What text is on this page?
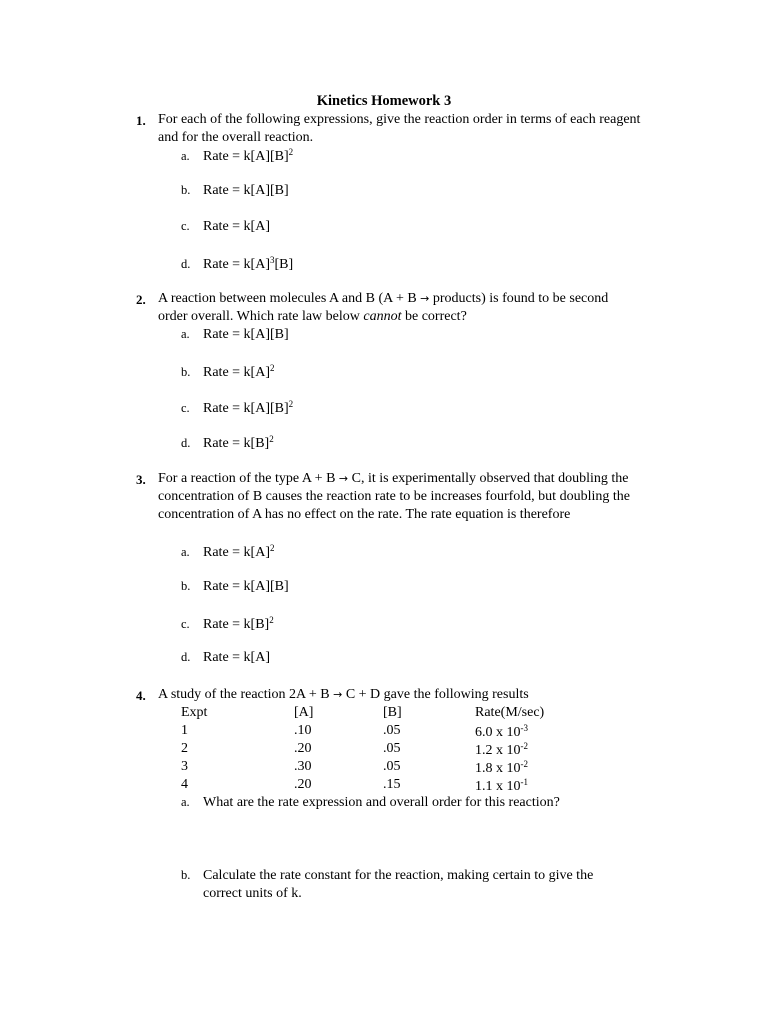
Kinetics Homework 3
1. For each of the following expressions, give the reaction order in terms of each reagent and for the overall reaction.
a. Rate = $k[A][B]^2$
b. Rate = k[A][B]
c. Rate = k[A]
d. Rate = $k[A]^3[B]$
2. A reaction between molecules A and B (A + B → products) is found to be second order overall. Which rate law below cannot be correct?
a. Rate = k[A][B]
b. Rate = $k[A]^2$
c. Rate = $k[A][B]^2$
d. Rate = $k[B]^2$
3. For a reaction of the type A + B → C, it is experimentally observed that doubling the concentration of B causes the reaction rate to be increases fourfold, but doubling the concentration of A has no effect on the rate. The rate equation is therefore
a. Rate = $k[A]^2$
b. Rate = k[A][B]
c. Rate = $k[B]^2$
d. Rate = k[A]
4. A study of the reaction 2A + B → C + D gave the following results
Expt	[A]	[B]	Rate(M/sec)
1	.10	.05	6.0 x $10^{-3}$
2	.20	.05	1.2 x $10^{-2}$
3	.30	.05	1.8 x $10^{-2}$
4	.20	.15	1.1 x $10^{-1}$
a. What are the rate expression and overall order for this reaction?
b. Calculate the rate constant for the reaction, making certain to give the
correct units of k.
